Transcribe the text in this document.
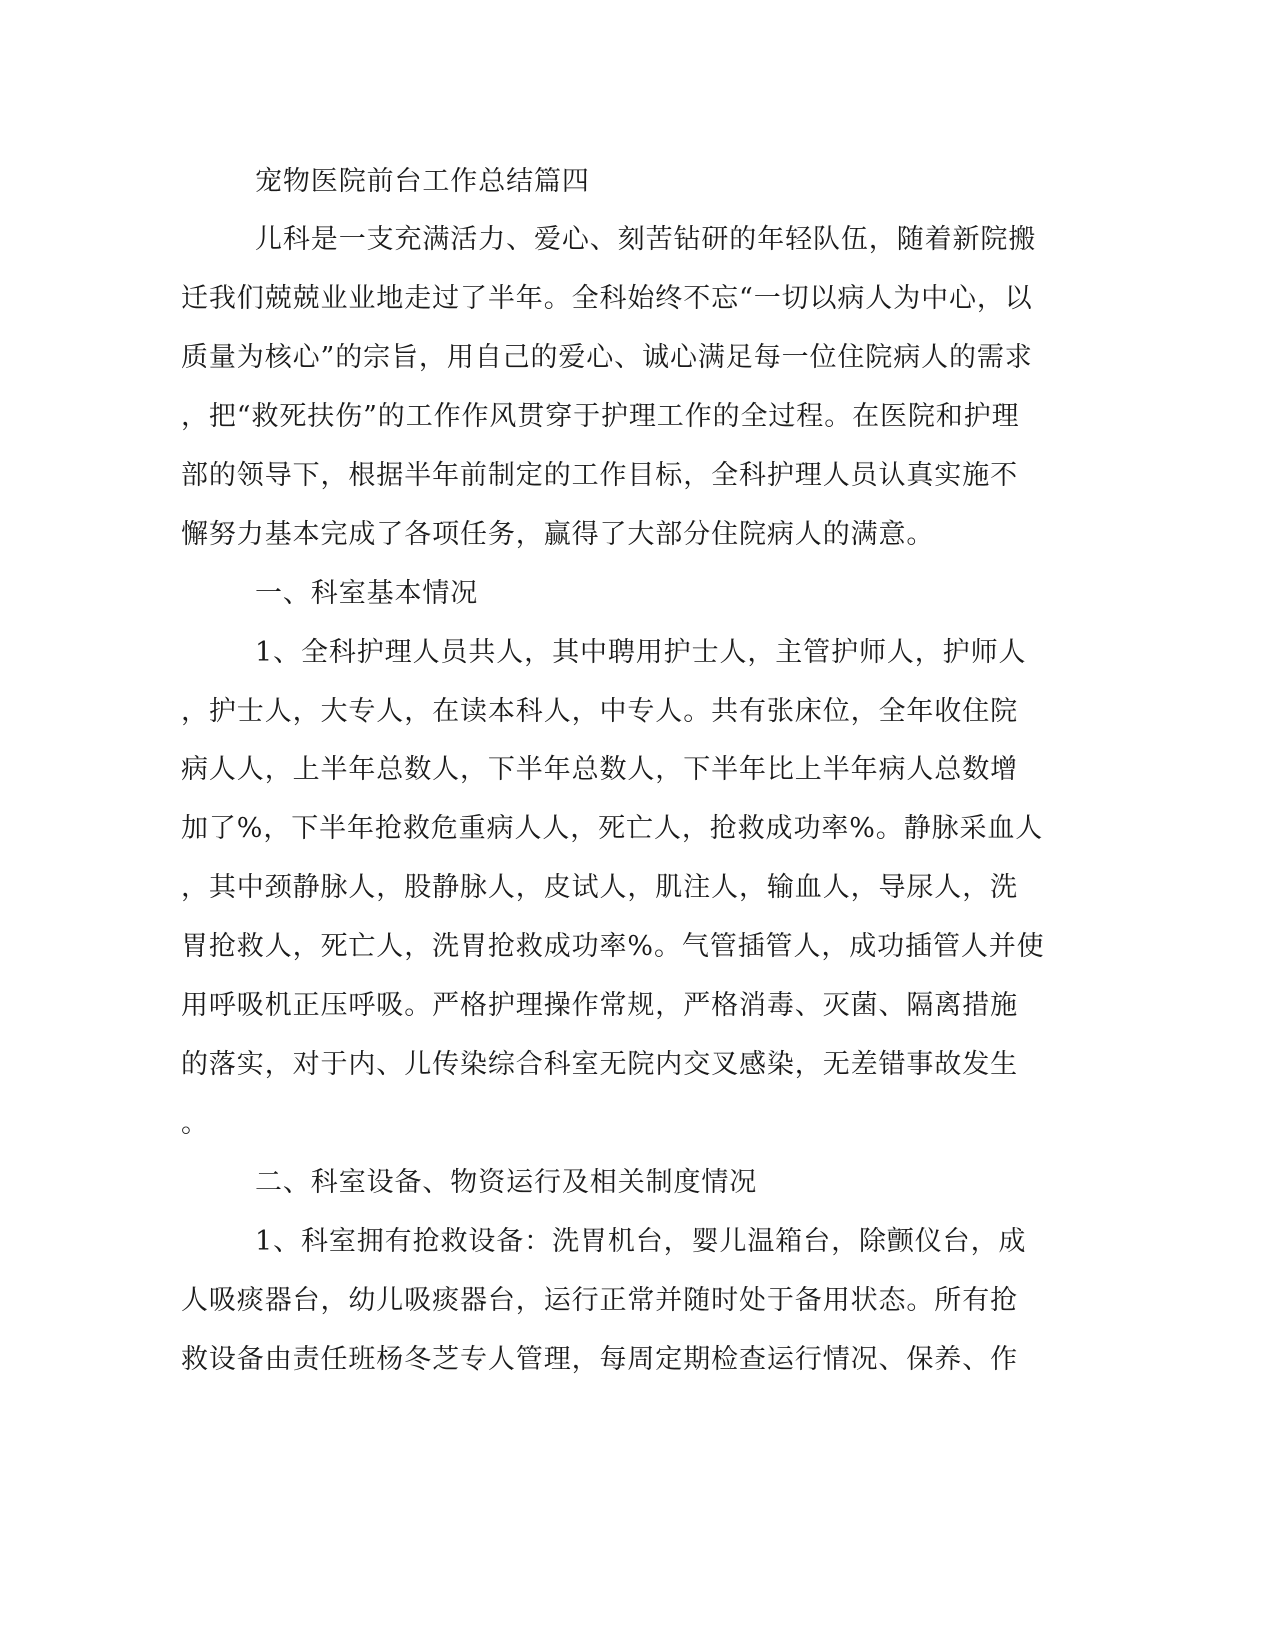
宠物医院前台工作总结篇四
儿科是一支充满活力、爱心、刻苦钻研的年轻队伍，随着新院搬
迁我们兢兢业业地走过了半年。全科始终不忘“一切以病人为中心，以
质量为核心”的宗旨，用自己的爱心、诚心满足每一位住院病人的需求
，把“救死扶伤”的工作作风贯穿于护理工作的全过程。在医院和护理
部的领导下，根据半年前制定的工作目标，全科护理人员认真实施不
懈努力基本完成了各项任务，赢得了大部分住院病人的满意。
一、科室基本情况
1、全科护理人员共人，其中聘用护士人，主管护师人，护师人
，护士人，大专人，在读本科人，中专人。共有张床位，全年收住院
病人人，上半年总数人，下半年总数人，下半年比上半年病人总数增
加了%，下半年抢救危重病人人，死亡人，抢救成功率%。静脉采血人
，其中颈静脉人，股静脉人，皮试人，肌注人，输血人，导尿人，洗
胃抢救人，死亡人，洗胃抢救成功率%。气管插管人，成功插管人并使
用呼吸机正压呼吸。严格护理操作常规，严格消毒、灭菌、隔离措施
的落实，对于内、儿传染综合科室无院内交叉感染，无差错事故发生
。
二、科室设备、物资运行及相关制度情况
1、科室拥有抢救设备：洗胃机台，婴儿温箱台，除颤仪台，成
人吸痰器台，幼儿吸痰器台，运行正常并随时处于备用状态。所有抢
救设备由责任班杨冬芝专人管理，每周定期检查运行情况、保养、作
